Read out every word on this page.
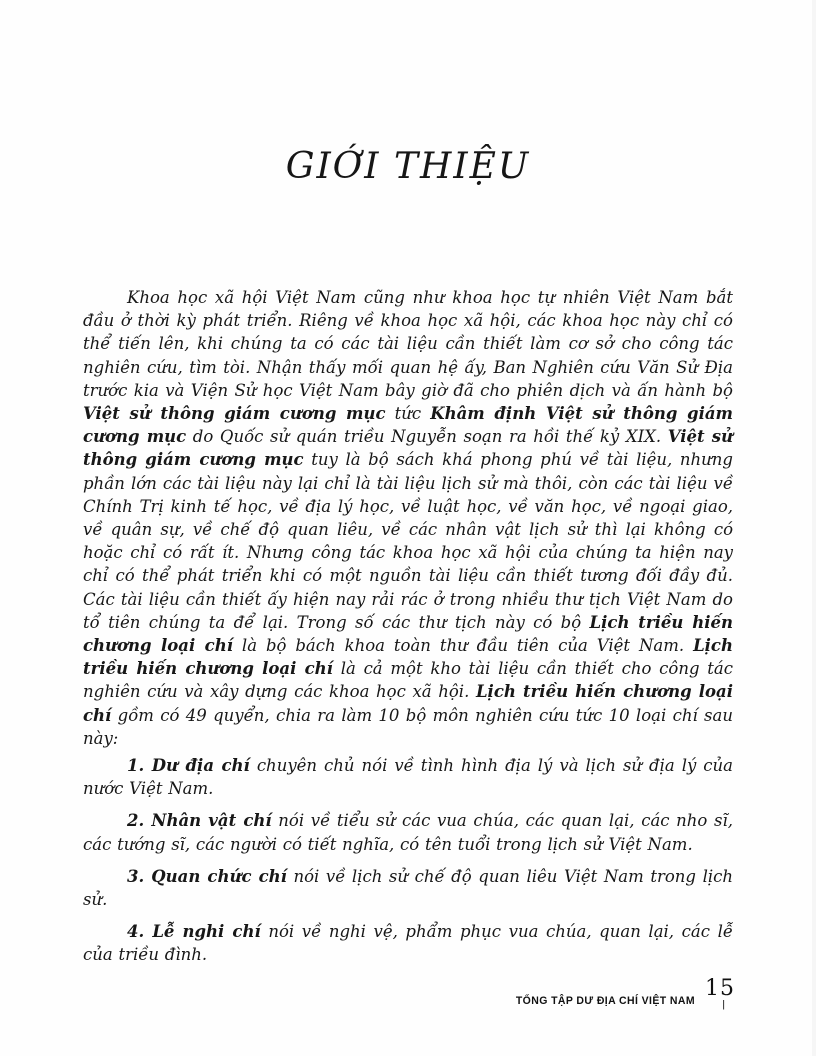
GIỚI THIỆU

Khoa học xã hội Việt Nam cũng như khoa học tự nhiên Việt Nam bắt đầu ở thời kỳ phát triển. Riêng về khoa học xã hội, các khoa học này chỉ có thể tiến lên, khi chúng ta có các tài liệu cần thiết làm cơ sở cho công tác nghiên cứu, tìm tòi. Nhận thấy mối quan hệ ấy, Ban Nghiên cứu Văn Sử Địa trước kia và Viện Sử học Việt Nam bây giờ đã cho phiên dịch và ấn hành bộ Việt sử thông giám cương mục tức Khâm định Việt sử thông giám cương mục do Quốc sử quán triều Nguyễn soạn ra hồi thế kỷ XIX. Việt sử thông giám cương mục tuy là bộ sách khá phong phú về tài liệu, nhưng phần lớn các tài liệu này lại chỉ là tài liệu lịch sử mà thôi, còn các tài liệu về Chính Trị kinh tế học, về địa lý học, về luật học, về văn học, về ngoại giao, về quân sự, về chế độ quan liêu, về các nhân vật lịch sử thì lại không có hoặc chỉ có rất ít. Nhưng công tác khoa học xã hội của chúng ta hiện nay chỉ có thể phát triển khi có một nguồn tài liệu cần thiết tương đối đầy đủ. Các tài liệu cần thiết ấy hiện nay rải rác ở trong nhiều thư tịch Việt Nam do tổ tiên chúng ta để lại. Trong số các thư tịch này có bộ Lịch triều hiến chương loại chí là bộ bách khoa toàn thư đầu tiên của Việt Nam. Lịch triều hiến chương loại chí là cả một kho tài liệu cần thiết cho công tác nghiên cứu và xây dựng các khoa học xã hội. Lịch triều hiến chương loại chí gồm có 49 quyển, chia ra làm 10 bộ môn nghiên cứu tức 10 loại chí sau này:

1. Dư địa chí chuyên chủ nói về tình hình địa lý và lịch sử địa lý của nước Việt Nam.

2. Nhân vật chí nói về tiểu sử các vua chúa, các quan lại, các nho sĩ, các tướng sĩ, các người có tiết nghĩa, có tên tuổi trong lịch sử Việt Nam.

3. Quan chức chí nói về lịch sử chế độ quan liêu Việt Nam trong lịch sử.

4. Lễ nghi chí nói về nghi vệ, phẩm phục vua chúa, quan lại, các lễ của triều đình.

TỔNG TẬP DƯ ĐỊA CHÍ VIỆT NAM 15
|
